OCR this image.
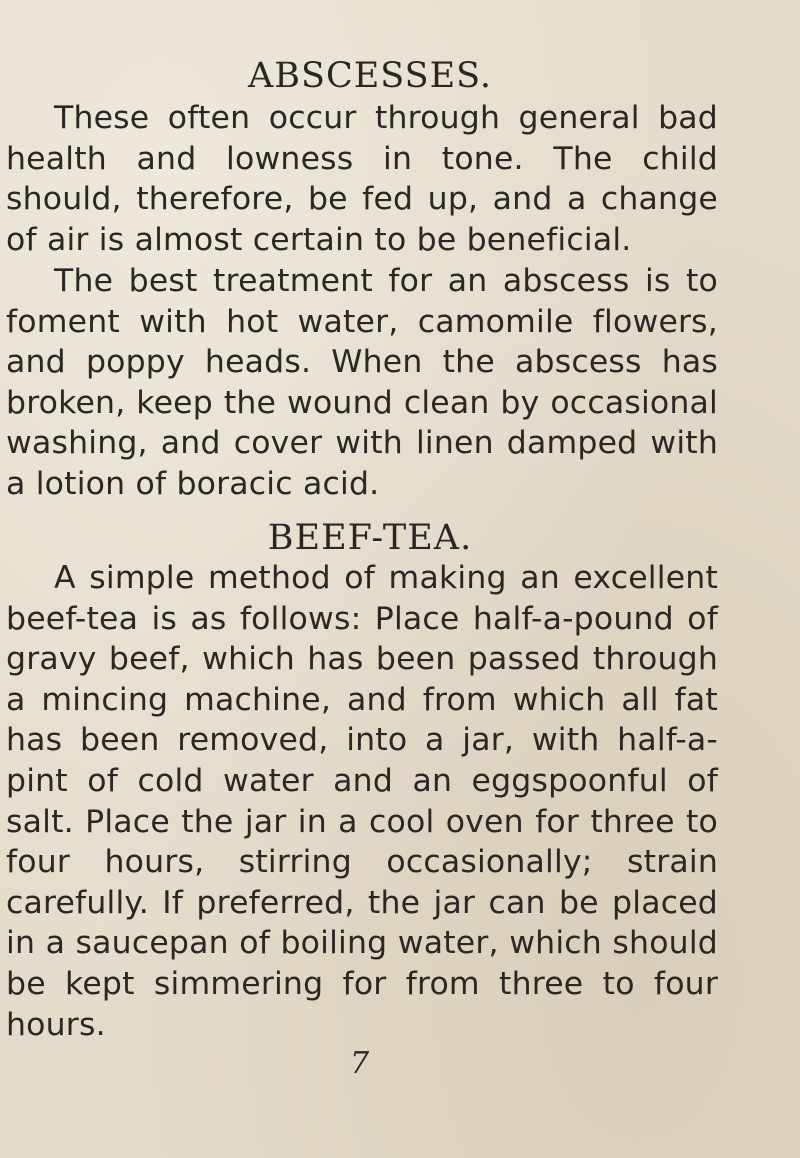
ABSCESSES.

These often occur through general bad health and lowness in tone. The child should, therefore, be fed up, and a change of air is almost certain to be beneficial.

The best treatment for an abscess is to foment with hot water, camomile flowers, and poppy heads. When the abscess has broken, keep the wound clean by occasional washing, and cover with linen damped with a lotion of boracic acid.

BEEF-TEA.

A simple method of making an excellent beef-tea is as follows: Place half-a-pound of gravy beef, which has been passed through a mincing machine, and from which all fat has been removed, into a jar, with half-a-pint of cold water and an eggspoonful of salt. Place the jar in a cool oven for three to four hours, stirring occasionally; strain carefully. If preferred, the jar can be placed in a saucepan of boiling water, which should be kept simmering for from three to four hours.

7
